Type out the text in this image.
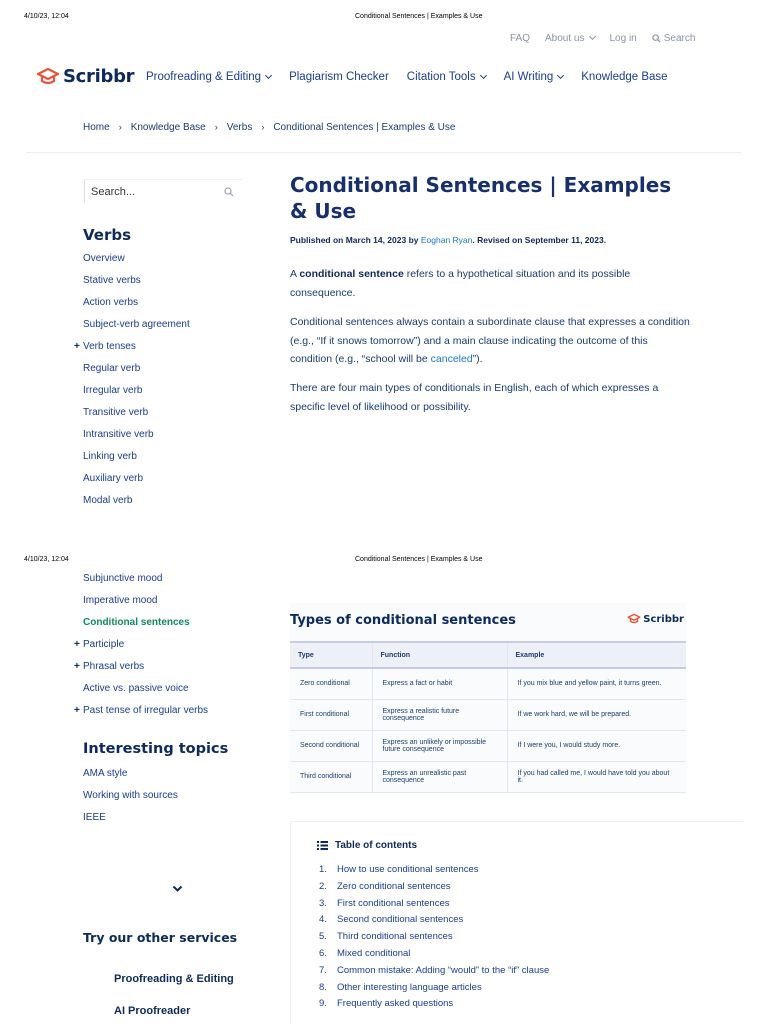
4/10/23, 12:04	Conditional Sentences | Examples & Use
FAQ About us	Log in	Search
Scribbr Proofreading & Editing	Plagiarism Checker Citation Tools	AI Writing	Knowledge Base
Home › Knowledge Base › Verbs › Conditional Sentences | Examples & Use
Search...
Verbs
Overview
Stative verbs
Action verbs
Subject-verb agreement
+ Verb tenses
Regular verb
Irregular verb
Transitive verb
Intransitive verb
Linking verb
Auxiliary verb
Modal verb
Conditional Sentences | Examples & Use
Published on March 14, 2023 by Eoghan Ryan. Revised on September 11, 2023.
A conditional sentence refers to a hypothetical situation and its possible consequence.
Conditional sentences always contain a subordinate clause that expresses a condition (e.g., “If it snows tomorrow”) and a main clause indicating the outcome of this condition (e.g., “school will be canceled”).
There are four main types of conditionals in English, each of which expresses a specific level of likelihood or possibility.
4/10/23, 12:04	Conditional Sentences | Examples & Use
Subjunctive mood
Imperative mood
Conditional sentences
+ Participle
+ Phrasal verbs
Active vs. passive voice
+ Past tense of irregular verbs
Interesting topics
AMA style
Working with sources
IEEE
Try our other services
Proofreading & Editing
AI Proofreader
Types of conditional sentences	Scribbr
Type	Function	Example
Zero conditional	Express a fact or habit	If you mix blue and yellow paint, it turns green.
First conditional	Express a realistic future consequence	If we work hard, we will be prepared.
Second conditional	Express an unlikely or impossible future consequence	If I were you, I would study more.
Third conditional	Express an unrealistic past consequence	If you had called me, I would have told you about it.
Table of contents
1. How to use conditional sentences
2. Zero conditional sentences
3. First conditional sentences
4. Second conditional sentences
5. Third conditional sentences
6. Mixed conditional
7. Common mistake: Adding “would” to the “if” clause
8. Other interesting language articles
9. Frequently asked questions
